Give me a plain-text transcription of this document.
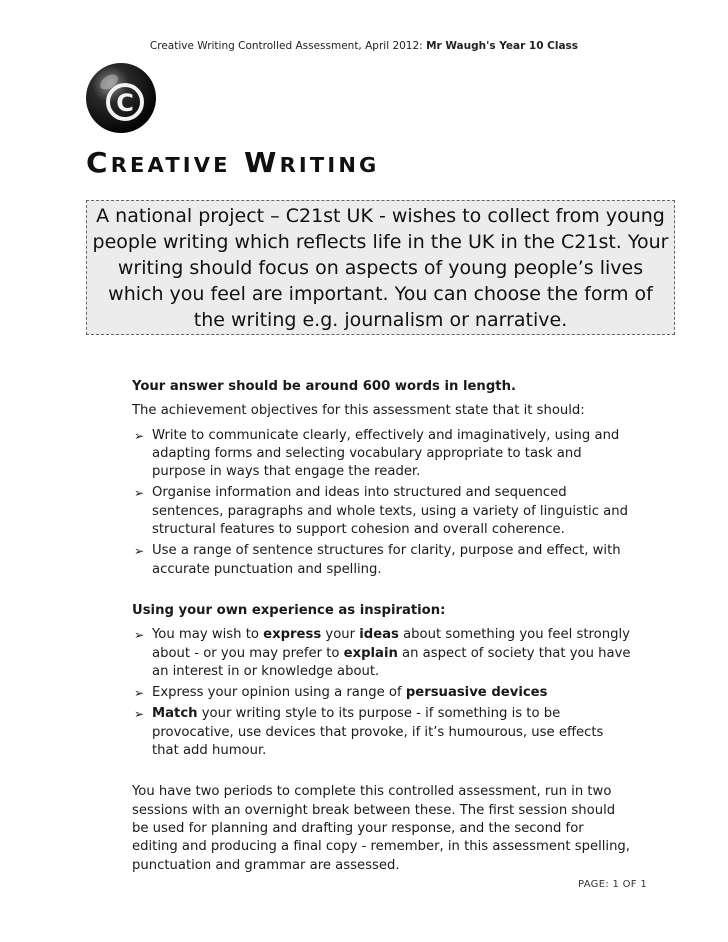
Creative Writing Controlled Assessment, April 2012: Mr Waugh's Year 10 Class
C
Creative Writing
A national project – C21st UK - wishes to collect from young people writing which reflects life in the UK in the C21st. Your writing should focus on aspects of young people’s lives which you feel are important. You can choose the form of the writing e.g. journalism or narrative.
Your answer should be around 600 words in length.
The achievement objectives for this assessment state that it should:
➢ Write to communicate clearly, effectively and imaginatively, using and adapting forms and selecting vocabulary appropriate to task and purpose in ways that engage the reader.
➢ Organise information and ideas into structured and sequenced sentences, paragraphs and whole texts, using a variety of linguistic and structural features to support cohesion and overall coherence.
➢ Use a range of sentence structures for clarity, purpose and effect, with accurate punctuation and spelling.
Using your own experience as inspiration:
➢ You may wish to express your ideas about something you feel strongly about - or you may prefer to explain an aspect of society that you have an interest in or knowledge about.
➢ Express your opinion using a range of persuasive devices
➢ Match your writing style to its purpose - if something is to be provocative, use devices that provoke, if it’s humourous, use effects that add humour.
You have two periods to complete this controlled assessment, run in two sessions with an overnight break between these. The first session should be used for planning and drafting your response, and the second for editing and producing a final copy - remember, in this assessment spelling, punctuation and grammar are assessed.
PAGE: 1 OF 1
